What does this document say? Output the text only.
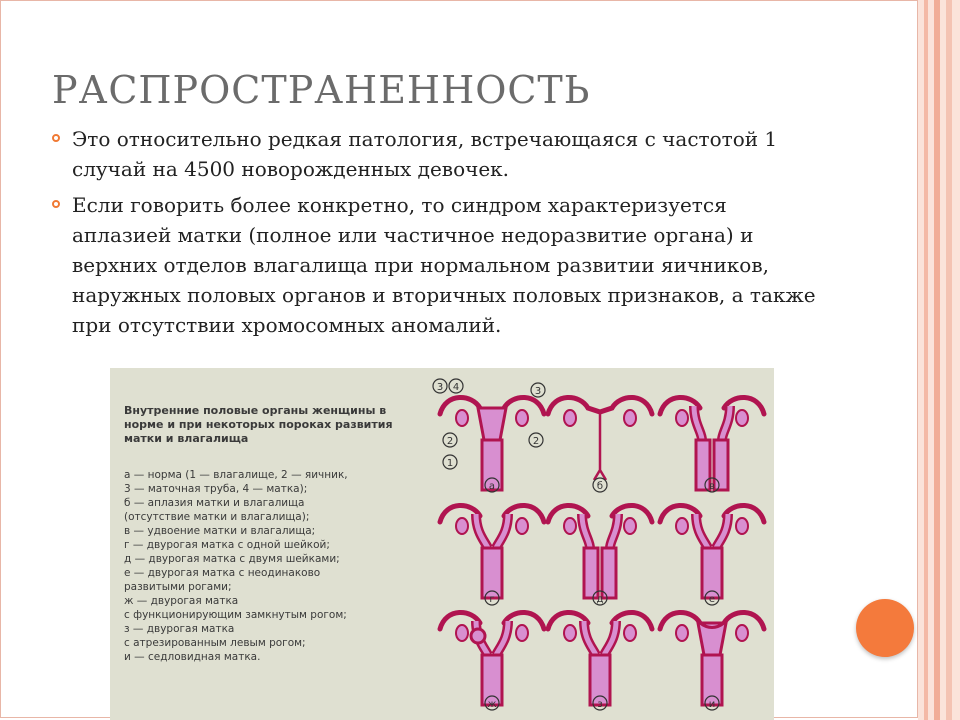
РАСПРОСТРАНЕННОСТЬ
Это относительно редкая патология, встречающаяся с частотой 1 случай на 4500 новорожденных девочек.
Если говорить более конкретно, то синдром характеризуется аплазией матки (полное или частичное недоразвитие органа) и верхних отделов влагалища при нормальном развитии яичников, наружных половых органов и вторичных половых признаков, а также при отсутствии хромосомных аномалий.
Внутренние половые органы женщины в норме и при некоторых пороках развития матки и влагалища
а — норма (1 — влагалище, 2 — яичник,
3 — маточная труба, 4 — матка);
б — аплазия матки и влагалища
(отсутствие матки и влагалища);
в — удвоение матки и влагалища;
г — двурогая матка с одной шейкой;
д — двурогая матка с двумя шейками;
е — двурогая матка с неодинаково
развитыми рогами;
ж — двурогая матка
с функционирующим замкнутым рогом;
з — двурогая матка
с атрезированным левым рогом;
и — седловидная матка.
3 4	3
2	2
1
а	б	в
г	д	е
ж	з	и
